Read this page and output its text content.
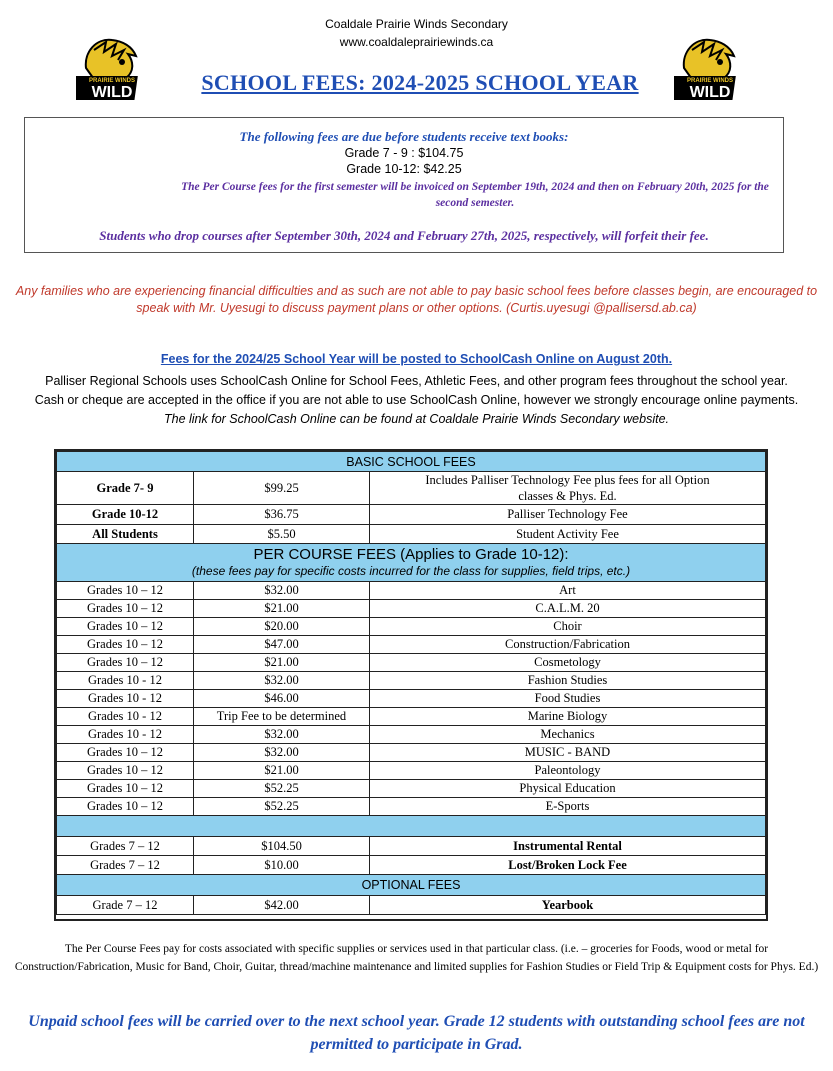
Coaldale Prairie Winds Secondary
www.coaldaleprairiewinds.ca
PRAIRIE WINDS
WILD
PRAIRIE WINDS
WILD
SCHOOL FEES: 2024-2025 SCHOOL YEAR
The following fees are due before students receive text books:
Grade 7 - 9 : $104.75
Grade 10-12: $42.25
The Per Course fees for the first semester will be invoiced on September 19th, 2024 and then on February 20th, 2025 for the second semester.
Students who drop courses after September 30th, 2024 and February 27th, 2025, respectively, will forfeit their fee.
Any families who are experiencing financial difficulties and as such are not able to pay basic school fees before classes begin, are encouraged to speak with Mr. Uyesugi to discuss payment plans or other options. (Curtis.uyesugi @pallisersd.ab.ca)
Fees for the 2024/25 School Year will be posted to SchoolCash Online on August 20th.
Palliser Regional Schools uses SchoolCash Online for School Fees, Athletic Fees, and other program fees throughout the school year. Cash or cheque are accepted in the office if you are not able to use SchoolCash Online, however we strongly encourage online payments. The link for SchoolCash Online can be found at Coaldale Prairie Winds Secondary website.
BASIC SCHOOL FEES		
Grade 7- 9	$99.25	Includes Palliser Technology Fee plus fees for all Option classes & Phys. Ed.
Grade 10-12	$36.75	Palliser Technology Fee
All Students	$5.50	Student Activity Fee

PER COURSE FEES (Applies to Grade 10-12):
(these fees pay for specific costs incurred for the class for supplies, field trips, etc.)		

Grades 10 – 12	$32.00	Art
Grades 10 – 12	$21.00	C.A.L.M. 20
Grades 10 – 12	$20.00	Choir
Grades 10 – 12	$47.00	Construction/Fabrication
Grades 10 – 12	$21.00	Cosmetology
Grades 10 - 12	$32.00	Fashion Studies
Grades 10 - 12	$46.00	Food Studies
Grades 10 - 12	Trip Fee to be determined	Marine Biology
Grades 10 - 12	$32.00	Mechanics
Grades 10 – 12	$32.00	MUSIC - BAND
Grades 10 – 12	$21.00	Paleontology
Grades 10 – 12	$52.25	Physical Education
Grades 10 – 12	$52.25	E-Sports

Grades 7 – 12	$104.50	Instrumental Rental
Grades 7 – 12	$10.00	Lost/Broken Lock Fee
OPTIONAL FEES		
Grade 7 – 12	$42.00	Yearbook
The Per Course Fees pay for costs associated with specific supplies or services used in that particular class. (i.e. – groceries for Foods, wood or metal for Construction/Fabrication, Music for Band, Choir, Guitar, thread/machine maintenance and limited supplies for Fashion Studies or Field Trip & Equipment costs for Phys. Ed.)
Unpaid school fees will be carried over to the next school year. Grade 12 students with outstanding school fees are not permitted to participate in Grad.
